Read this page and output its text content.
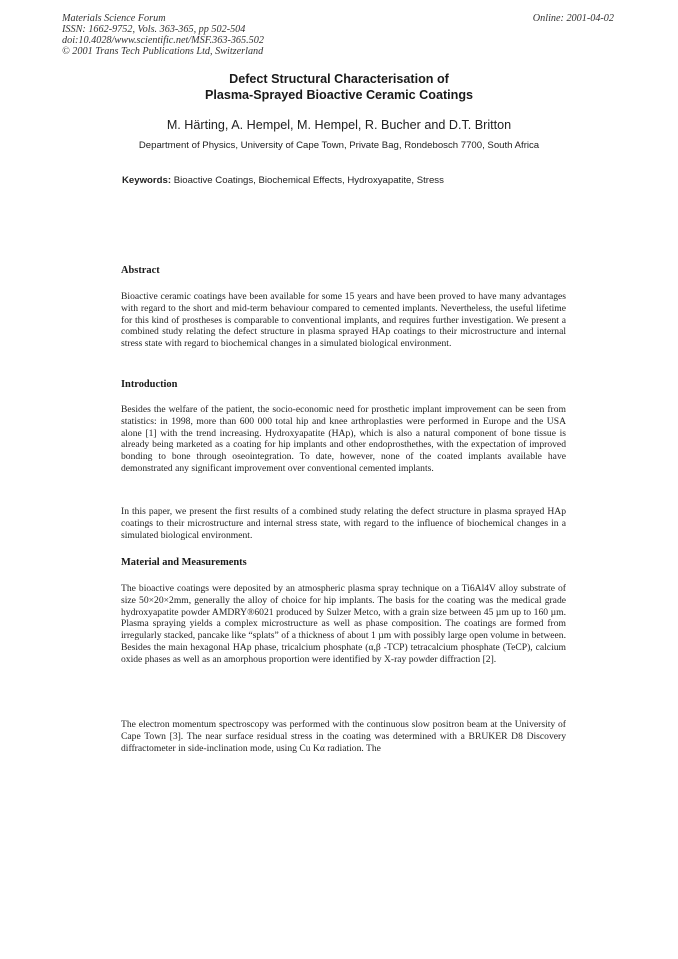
Materials Science Forum
ISSN: 1662-9752, Vols. 363-365, pp 502-504
doi:10.4028/www.scientific.net/MSF.363-365.502
© 2001 Trans Tech Publications Ltd, Switzerland
Online: 2001-04-02
Defect Structural Characterisation of
Plasma-Sprayed Bioactive Ceramic Coatings
M. Härting, A. Hempel, M. Hempel, R. Bucher and D.T. Britton
Department of Physics, University of Cape Town, Private Bag, Rondebosch 7700, South Africa
Keywords: Bioactive Coatings, Biochemical Effects, Hydroxyapatite, Stress
Abstract
Bioactive ceramic coatings have been available for some 15 years and have been proved to have many advantages with regard to the short and mid-term behaviour compared to cemented implants. Nevertheless, the useful lifetime for this kind of prostheses is comparable to conventional implants, and requires further investigation. We present a combined study relating the defect structure in plasma sprayed HAp coatings to their microstructure and internal stress state with regard to biochemical changes in a simulated biological environment.
Introduction
Besides the welfare of the patient, the socio-economic need for prosthetic implant improvement can be seen from statistics: in 1998, more than 600 000 total hip and knee arthroplasties were performed in Europe and the USA alone [1] with the trend increasing. Hydroxyapatite (HAp), which is also a natural component of bone tissue is already being marketed as a coating for hip implants and other endoprosthethes, with the expectation of improved bonding to bone through oseointegration. To date, however, none of the coated implants available have demonstrated any significant improvement over conventional cemented implants.
In this paper, we present the first results of a combined study relating the defect structure in plasma sprayed HAp coatings to their microstructure and internal stress state, with regard to the influence of biochemical changes in a simulated biological environment.
Material and Measurements
The bioactive coatings were deposited by an atmospheric plasma spray technique on a Ti6Al4V alloy substrate of size 50×20×2mm, generally the alloy of choice for hip implants. The basis for the coating was the medical grade hydroxyapatite powder AMDRY®6021 produced by Sulzer Metco, with a grain size between 45 µm up to 160 µm. Plasma spraying yields a complex microstructure as well as phase composition. The coatings are formed from irregularly stacked, pancake like “splats” of a thickness of about 1 µm with possibly large open volume in between. Besides the main hexagonal HAp phase, tricalcium phosphate (α,β -TCP) tetracalcium phosphate (TeCP), calcium oxide phases as well as an amorphous proportion were identified by X-ray powder diffraction [2].
The electron momentum spectroscopy was performed with the continuous slow positron beam at the University of Cape Town [3]. The near surface residual stress in the coating was determined with a BRUKER D8 Discovery diffractometer in side-inclination mode, using Cu Kα radiation. The
